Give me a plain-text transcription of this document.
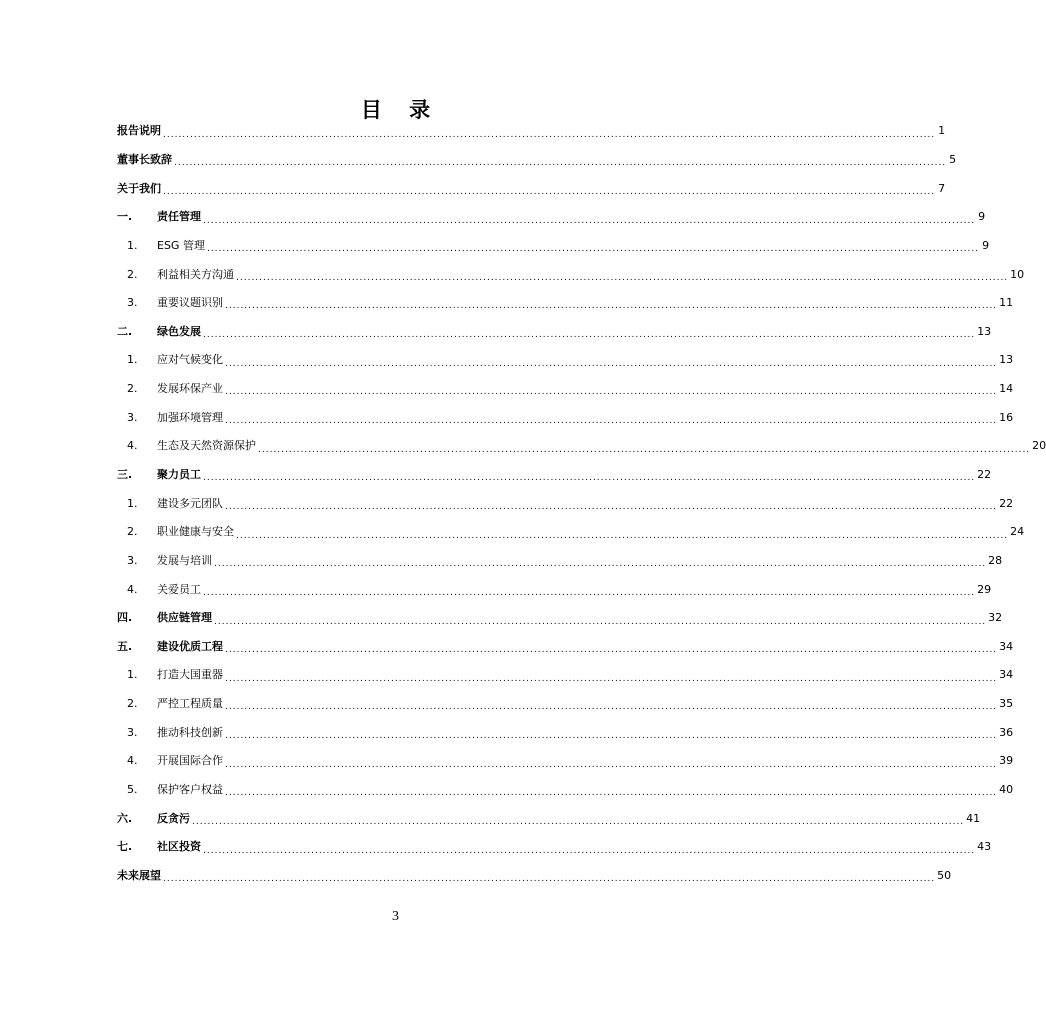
目 录
报告说明 ........................................................................................................................................................................................................ 1
董事长致辞 ........................................................................................................................................................................................................ 5
关于我们 ........................................................................................................................................................................................................ 7
一.	责任管理 ........................................................................................................................................................................................................ 9
1.	ESG 管理 ........................................................................................................................................................................................................ 9
2.	利益相关方沟通 ........................................................................................................................................................................................................ 10
3.	重要议题识别 ........................................................................................................................................................................................................ 11
二.	绿色发展 ........................................................................................................................................................................................................ 13
1.	应对气候变化 ........................................................................................................................................................................................................ 13
2.	发展环保产业 ........................................................................................................................................................................................................ 14
3.	加强环境管理 ........................................................................................................................................................................................................ 16
4.	生态及天然资源保护 ........................................................................................................................................................................................................ 20
三.	聚力员工 ........................................................................................................................................................................................................ 22
1.	建设多元团队 ........................................................................................................................................................................................................ 22
2.	职业健康与安全 ........................................................................................................................................................................................................ 24
3.	发展与培训 ........................................................................................................................................................................................................ 28
4.	关爱员工 ........................................................................................................................................................................................................ 29
四.	供应链管理 ........................................................................................................................................................................................................ 32
五.	建设优质工程 ........................................................................................................................................................................................................ 34
1.	打造大国重器 ........................................................................................................................................................................................................ 34
2.	严控工程质量 ........................................................................................................................................................................................................ 35
3.	推动科技创新 ........................................................................................................................................................................................................ 36
4.	开展国际合作 ........................................................................................................................................................................................................ 39
5.	保护客户权益 ........................................................................................................................................................................................................ 40
六.	反贪污 ........................................................................................................................................................................................................ 41
七.	社区投资 ........................................................................................................................................................................................................ 43
未来展望 ........................................................................................................................................................................................................ 50
3
